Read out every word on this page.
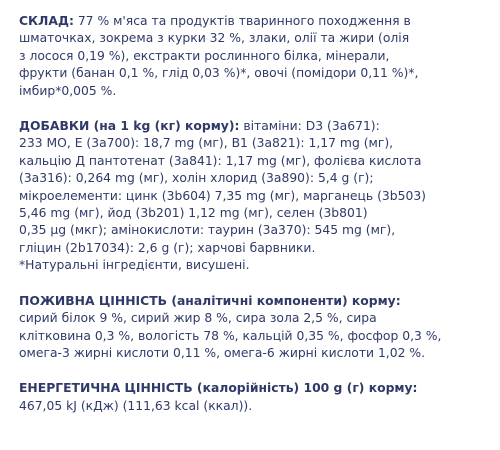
СКЛАД: 77 % м'яса та продуктів тваринного походження в
шматочках, зокрема з курки 32 %, злаки, олії та жири (олія
з лосося 0,19 %), екстракти рослинного білка, мінерали,
фрукти (банан 0,1 %, глід 0,03 %)*, овочі (помідори 0,11 %)*,
імбир*0,005 %.
ДОБАВКИ (на 1 kg (кг) корму): вітаміни: D3 (3a671):
233 МО, Е (3a700): 18,7 mg (мг), B1 (3a821): 1,17 mg (мг),
кальцію Д пантотенат (3a841): 1,17 mg (мг), фолієва кислота
(3a316): 0,264 mg (мг), холін хлорид (3a890): 5,4 g (г);
мікроелементи: цинк (3b604) 7,35 mg (мг), марганець (3b503)
5,46 mg (мг), йод (3b201) 1,12 mg (мг), селен (3b801)
0,35 µg (мкг); амінокислоти: таурин (3a370): 545 mg (мг),
гліцин (2b17034): 2,6 g (г); харчові барвники.
*Натуральні інгредієнти, висушені.
ПОЖИВНА ЦІННІСТЬ (аналітичні компоненти) корму:
сирий білок 9 %, сирий жир 8 %, сира зола 2,5 %, сира
клітковина 0,3 %, вологість 78 %, кальцій 0,35 %, фосфор 0,3 %,
омега-3 жирні кислоти 0,11 %, омега-6 жирні кислоти 1,02 %.
ЕНЕРГЕТИЧНА ЦІННІСТЬ (калорійність) 100 g (г) корму:
467,05 kJ (кДж) (111,63 kcal (ккал)).
